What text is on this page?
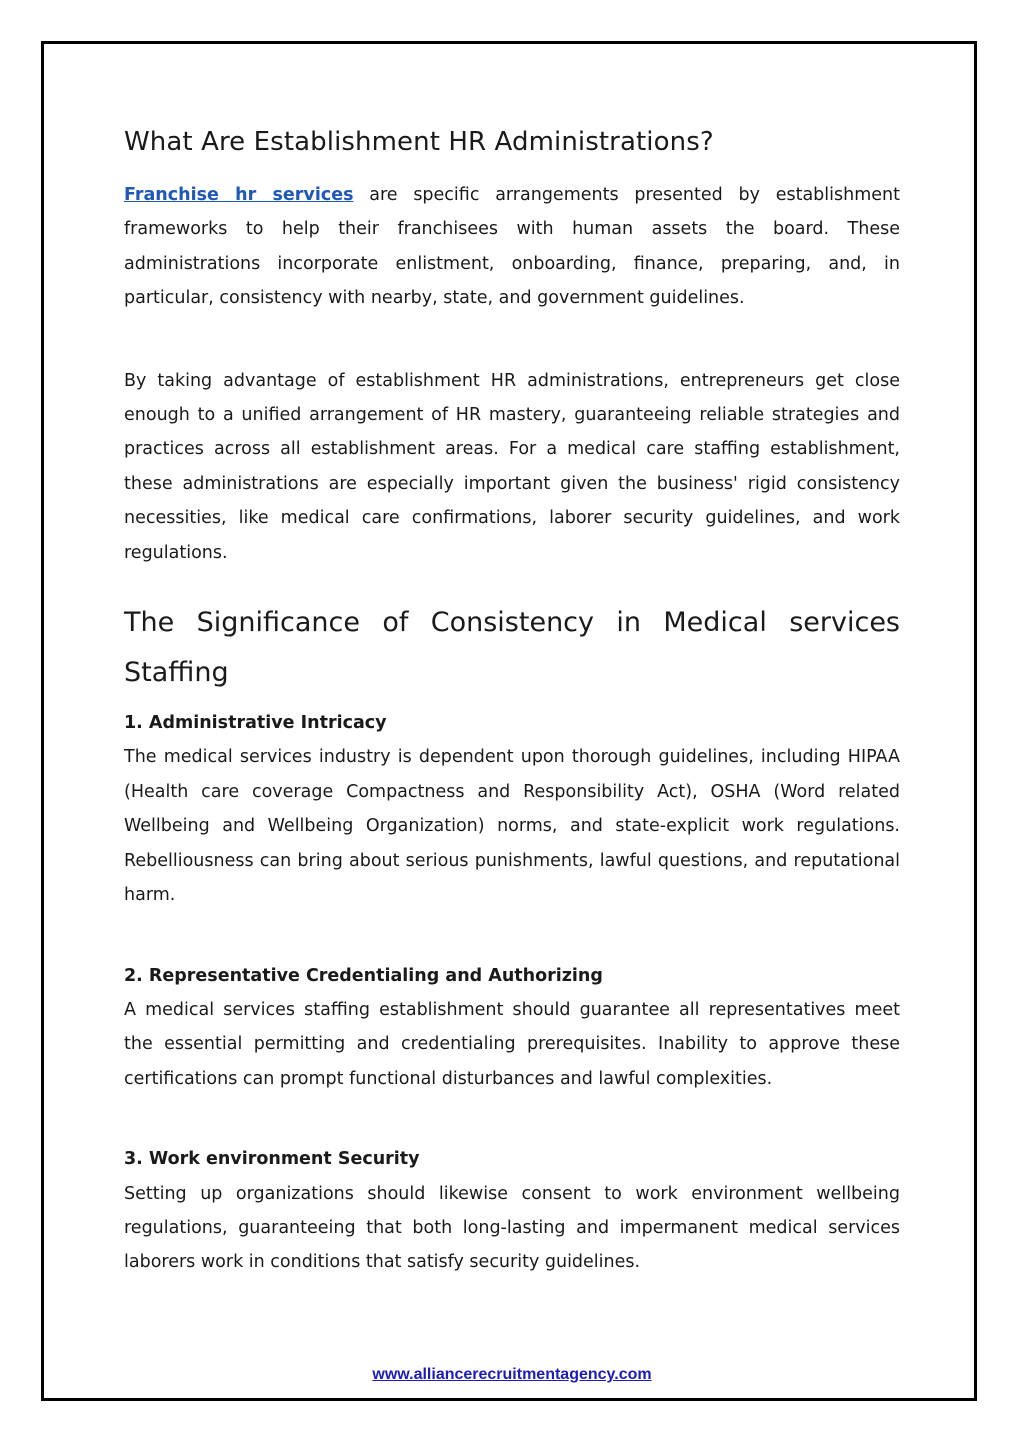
What Are Establishment HR Administrations?

Franchise hr services are specific arrangements presented by establishment frameworks to help their franchisees with human assets the board. These administrations incorporate enlistment, onboarding, finance, preparing, and, in particular, consistency with nearby, state, and government guidelines.

By taking advantage of establishment HR administrations, entrepreneurs get close enough to a unified arrangement of HR mastery, guaranteeing reliable strategies and practices across all establishment areas. For a medical care staffing establishment, these administrations are especially important given the business' rigid consistency necessities, like medical care confirmations, laborer security guidelines, and work regulations.

The Significance of Consistency in Medical services Staffing

1. Administrative Intricacy

The medical services industry is dependent upon thorough guidelines, including HIPAA (Health care coverage Compactness and Responsibility Act), OSHA (Word related Wellbeing and Wellbeing Organization) norms, and state-explicit work regulations. Rebelliousness can bring about serious punishments, lawful questions, and reputational harm.

2. Representative Credentialing and Authorizing

A medical services staffing establishment should guarantee all representatives meet the essential permitting and credentialing prerequisites. Inability to approve these certifications can prompt functional disturbances and lawful complexities.

3. Work environment Security

Setting up organizations should likewise consent to work environment wellbeing regulations, guaranteeing that both long-lasting and impermanent medical services laborers work in conditions that satisfy security guidelines.

www.alliancerecruitmentagency.com
